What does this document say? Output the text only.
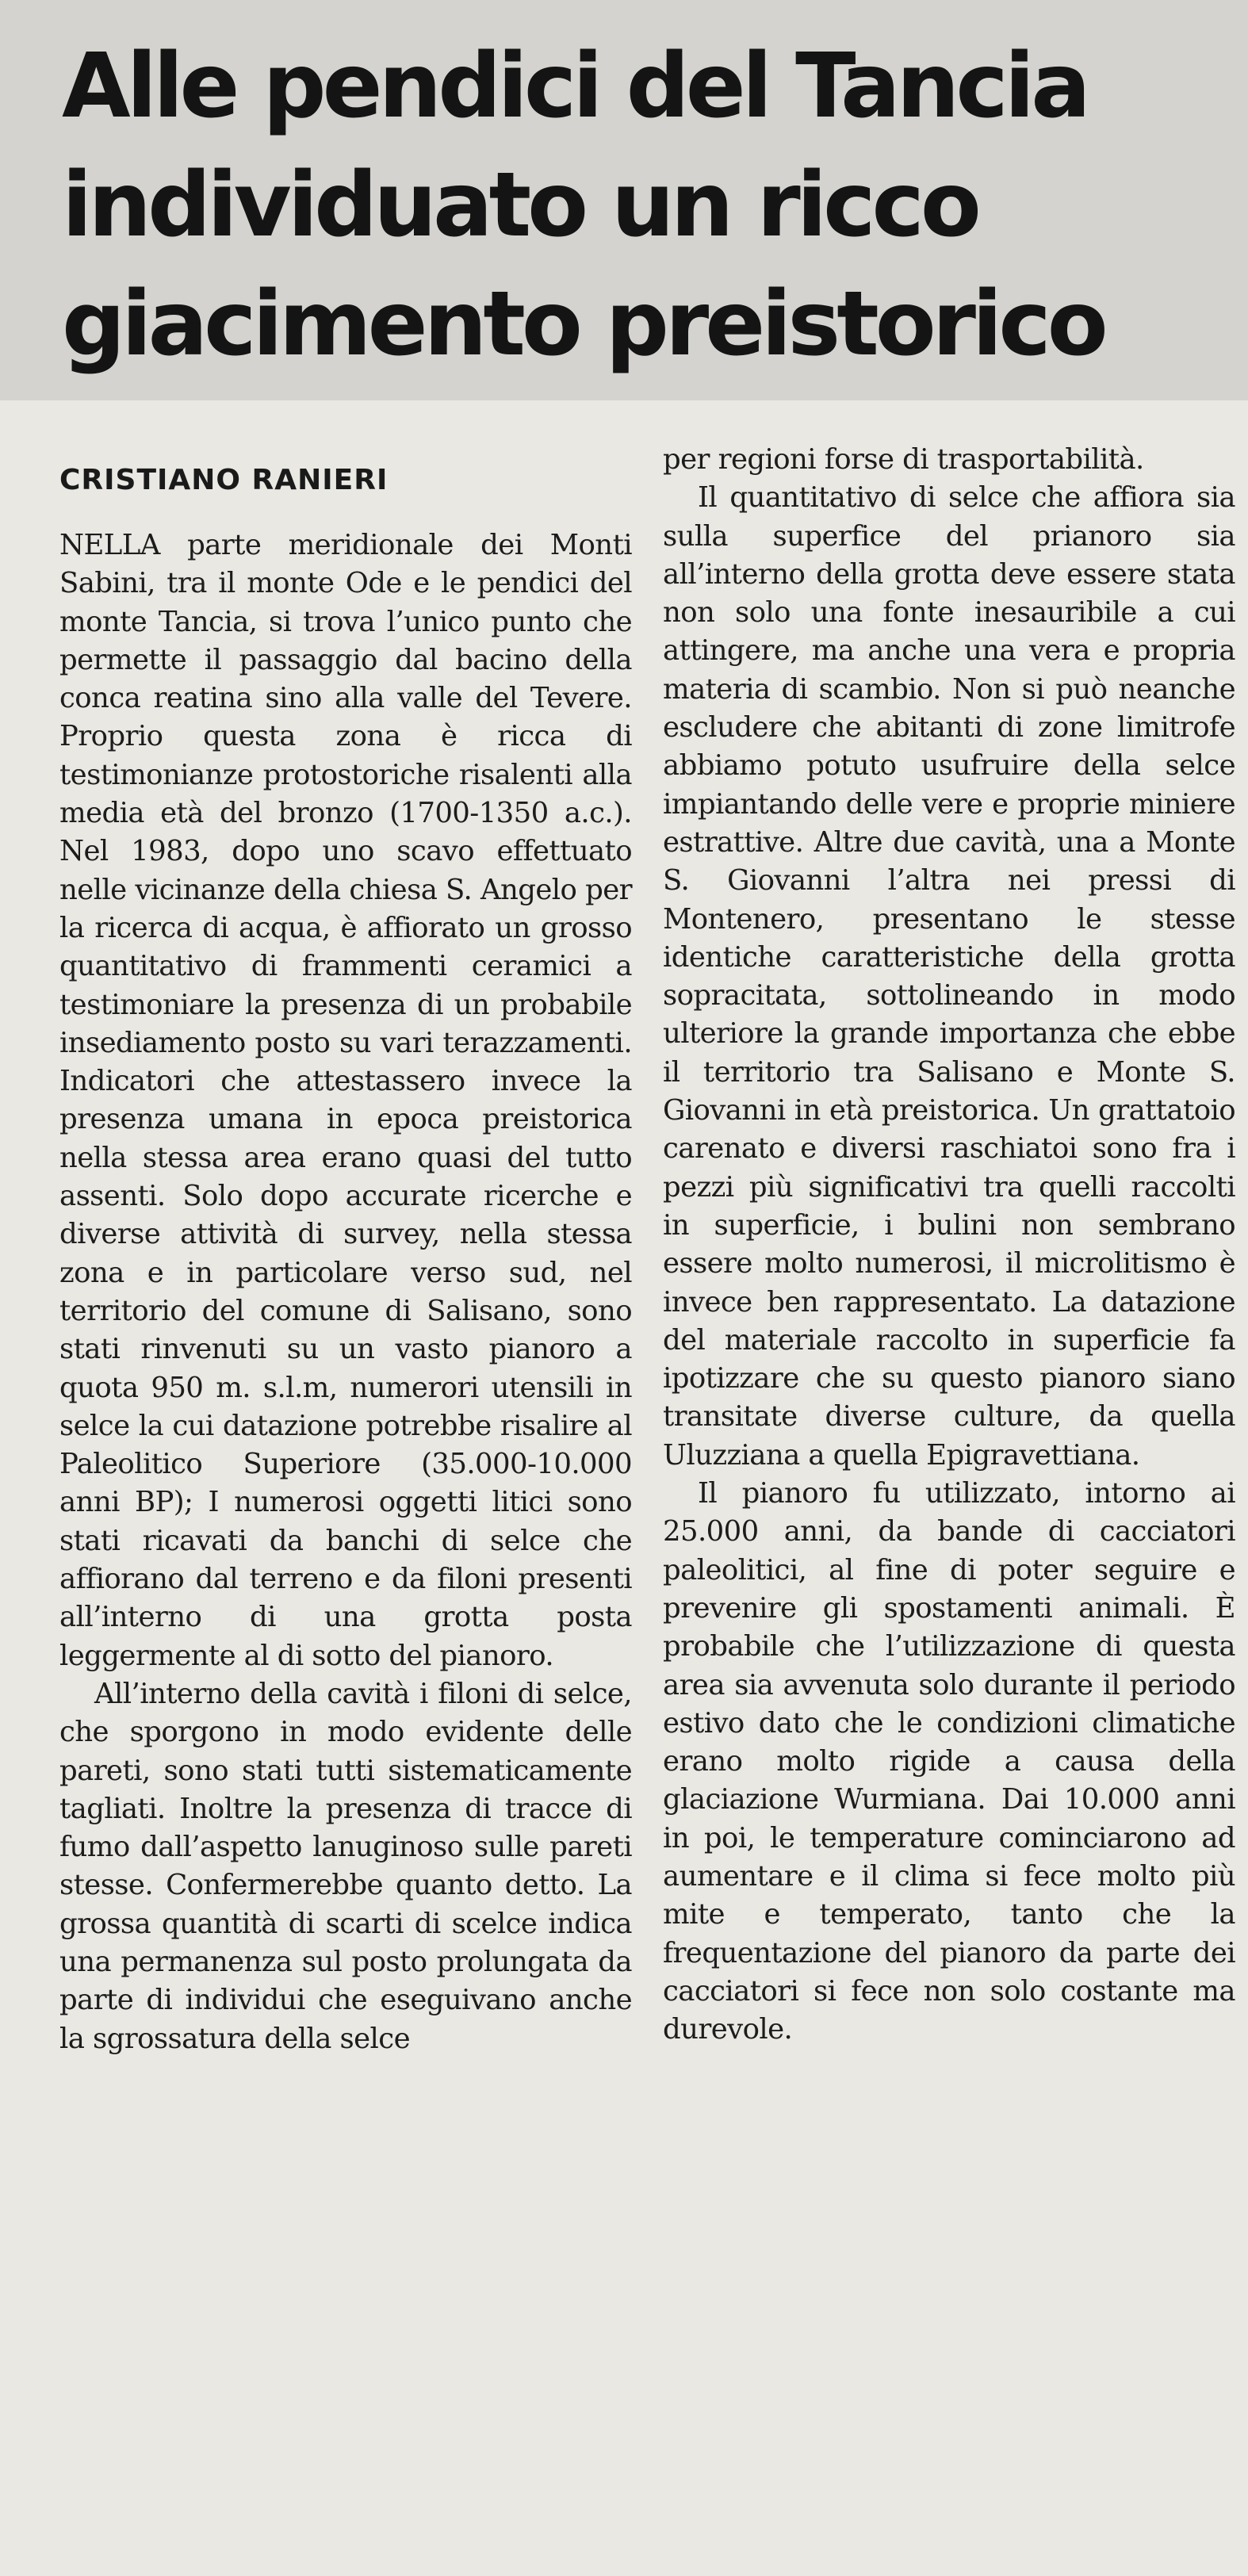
Alle pendici del Tancia individuato un ricco giacimento preistorico
CRISTIANO RANIERI

NELLA parte meridionale dei Monti Sabini, tra il monte Ode e le pendici del monte Tancia, si trova l’unico punto che permette il passaggio dal bacino della conca reatina sino alla valle del Tevere. Proprio questa zona è ricca di testimonianze protostoriche risalenti alla media età del bronzo (1700-1350 a.c.). Nel 1983, dopo uno scavo effettuato nelle vicinanze della chiesa S. Angelo per la ricerca di acqua, è affiorato un grosso quantitativo di frammenti ceramici a testimoniare la presenza di un probabile insediamento posto su vari terazzamenti. Indicatori che attestassero invece la presenza umana in epoca preistorica nella stessa area erano quasi del tutto assenti. Solo dopo accurate ricerche e diverse attività di survey, nella stessa zona e in particolare verso sud, nel territorio del comune di Salisano, sono stati rinvenuti su un vasto pianoro a quota 950 m. s.l.m, numerori utensili in selce la cui datazione potrebbe risalire al Paleolitico Superiore (35.000-10.000 anni BP); I numerosi oggetti litici sono stati ricavati da banchi di selce che affiorano dal terreno e da filoni presenti all’interno di una grotta posta leggermente al di sotto del pianoro.

All’interno della cavità i filoni di selce, che sporgono in modo evidente delle pareti, sono stati tutti sistematicamente tagliati. Inoltre la presenza di tracce di fumo dall’aspetto lanuginoso sulle pareti stesse. Confermerebbe quanto detto. La grossa quantità di scarti di scelce indica una permanenza sul posto prolungata da parte di individui che eseguivano anche la sgrossatura della selce

per regioni forse di trasportabilità.

Il quantitativo di selce che affiora sia sulla superfice del prianoro sia all’interno della grotta deve essere stata non solo una fonte inesauribile a cui attingere, ma anche una vera e propria materia di scambio. Non si può neanche escludere che abitanti di zone limitrofe abbiamo potuto usufruire della selce impiantando delle vere e proprie miniere estrattive. Altre due cavità, una a Monte S. Giovanni l’altra nei pressi di Montenero, presentano le stesse identiche caratteristiche della grotta sopracitata, sottolineando in modo ulteriore la grande importanza che ebbe il territorio tra Salisano e Monte S. Giovanni in età preistorica. Un grattatoio carenato e diversi raschiatoi sono fra i pezzi più significativi tra quelli raccolti in superficie, i bulini non sembrano essere molto numerosi, il microlitismo è invece ben rappresentato. La datazione del materiale raccolto in superficie fa ipotizzare che su questo pianoro siano transitate diverse culture, da quella Uluzziana a quella Epigravettiana.

Il pianoro fu utilizzato, intorno ai 25.000 anni, da bande di cacciatori paleolitici, al fine di poter seguire e prevenire gli spostamenti animali. È probabile che l’utilizzazione di questa area sia avvenuta solo durante il periodo estivo dato che le condizioni climatiche erano molto rigide a causa della glaciazione Wurmiana. Dai 10.000 anni in poi, le temperature cominciarono ad aumentare e il clima si fece molto più mite e temperato, tanto che la frequentazione del pianoro da parte dei cacciatori si fece non solo costante ma durevole.
